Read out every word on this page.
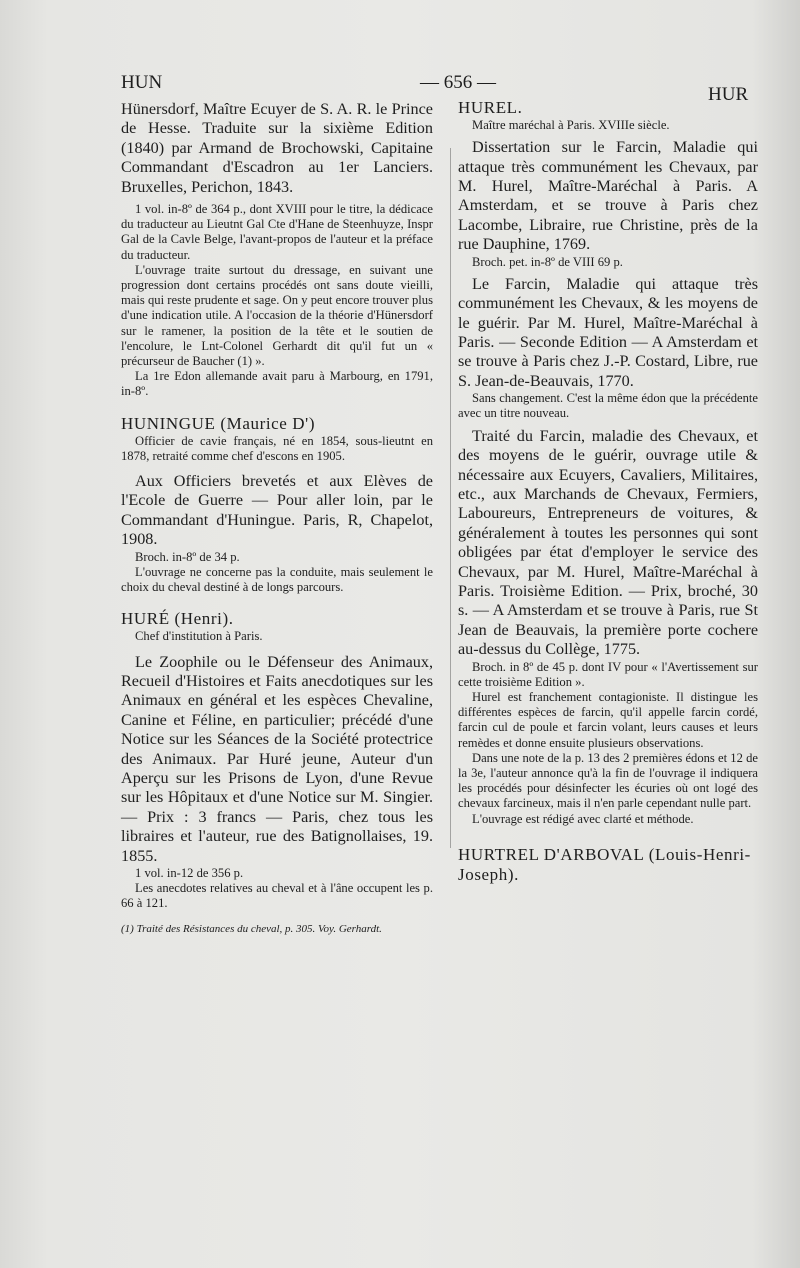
HUN	— 656 —
HUR

Hünersdorf, Maître Ecuyer de S. A. R. le Prince de Hesse. Traduite sur la sixième Edition (1840) par Armand de Brochowski, Capitaine Commandant d'Escadron au 1er Lanciers. Bruxelles, Perichon, 1843.

1 vol. in-8º de 364 p., dont XVIII pour le titre, la dédicace du traducteur au Lieutnt Gal Cte d'Hane de Steenhuyze, Inspr Gal de la Cavle Belge, l'avant-propos de l'auteur et la préface du traducteur.

L'ouvrage traite surtout du dressage, en suivant une progression dont certains procédés ont sans doute vieilli, mais qui reste prudente et sage. On y peut encore trouver plus d'une indication utile. A l'occasion de la théorie d'Hünersdorf sur le ramener, la position de la tête et le soutien de l'encolure, le Lnt-Colonel Gerhardt dit qu'il fut un « précurseur de Baucher (1) ».

La 1re Edon allemande avait paru à Marbourg, en 1791, in-8º.

HUNINGUE (Maurice D')

Officier de cavie français, né en 1854, sous-lieutnt en 1878, retraité comme chef d'escons en 1905.

Aux Officiers brevetés et aux Elèves de l'Ecole de Guerre — Pour aller loin, par le Commandant d'Huningue. Paris, R, Chapelot, 1908.

Broch. in-8º de 34 p.

L'ouvrage ne concerne pas la conduite, mais seulement le choix du cheval destiné à de longs parcours.

HURÉ (Henri).

Chef d'institution à Paris.

Le Zoophile ou le Défenseur des Animaux, Recueil d'Histoires et Faits anecdotiques sur les Animaux en général et les espèces Chevaline, Canine et Féline, en particulier; précédé d'une Notice sur les Séances de la Société protectrice des Animaux. Par Huré jeune, Auteur d'un Aperçu sur les Prisons de Lyon, d'une Revue sur les Hôpitaux et d'une Notice sur M. Singier. — Prix : 3 francs — Paris, chez tous les libraires et l'auteur, rue des Batignollaises, 19. 1855.

1 vol. in-12 de 356 p.

Les anecdotes relatives au cheval et à l'âne occupent les p. 66 à 121.

(1) Traité des Résistances du cheval, p. 305. Voy. Gerhardt.

HUREL.

Maître maréchal à Paris. XVIIIe siècle.

Dissertation sur le Farcin, Maladie qui attaque très communément les Chevaux, par M. Hurel, Maître-Maréchal à Paris. A Amsterdam, et se trouve à Paris chez Lacombe, Libraire, rue Christine, près de la rue Dauphine, 1769.

Broch. pet. in-8º de VIII 69 p.

Le Farcin, Maladie qui attaque très communément les Chevaux, & les moyens de le guérir. Par M. Hurel, Maître-Maréchal à Paris. — Seconde Edition — A Amsterdam et se trouve à Paris chez J.-P. Costard, Libre, rue S. Jean-de-Beauvais, 1770.

Sans changement. C'est la même édon que la précédente avec un titre nouveau.

Traité du Farcin, maladie des Chevaux, et des moyens de le guérir, ouvrage utile & nécessaire aux Ecuyers, Cavaliers, Militaires, etc., aux Marchands de Chevaux, Fermiers, Laboureurs, Entrepreneurs de voitures, & généralement à toutes les personnes qui sont obligées par état d'employer le service des Chevaux, par M. Hurel, Maître-Maréchal à Paris. Troisième Edition. — Prix, broché, 30 s. — A Amsterdam et se trouve à Paris, rue St Jean de Beauvais, la première porte cochere au-dessus du Collège, 1775.

Broch. in 8º de 45 p. dont IV pour « l'Avertissement sur cette troisième Edition ».

Hurel est franchement contagioniste. Il distingue les différentes espèces de farcin, qu'il appelle farcin cordé, farcin cul de poule et farcin volant, leurs causes et leurs remèdes et donne ensuite plusieurs observations.

Dans une note de la p. 13 des 2 premières édons et 12 de la 3e, l'auteur annonce qu'à la fin de l'ouvrage il indiquera les procédés pour désinfecter les écuries où ont logé des chevaux farcineux, mais il n'en parle cependant nulle part.

L'ouvrage est rédigé avec clarté et méthode.

HURTREL D'ARBOVAL (Louis-Henri-Joseph).
